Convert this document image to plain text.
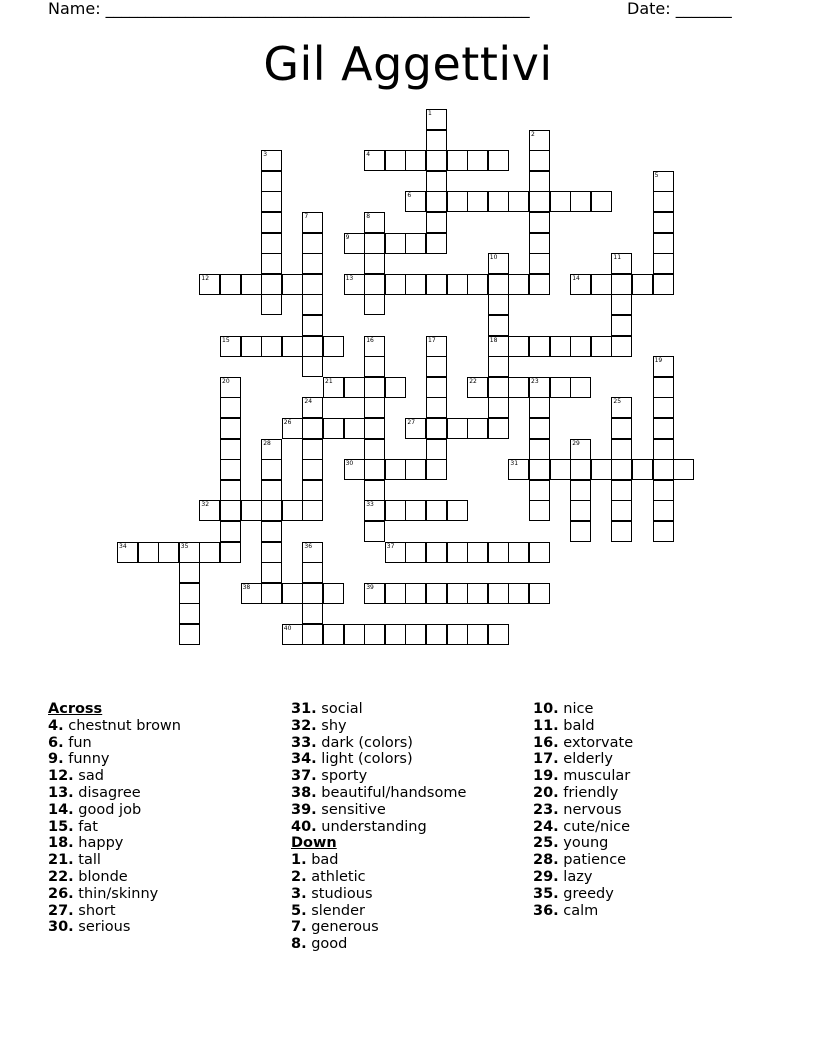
Name: _____________________________________________________	Date: _______
Gil Aggettivi
1
2
3	4
5
6
7	8
9
10
18
11
12	13	14
15	16
33
17
19
20	21	22	23
24	25
26	27
28	29
30	31
32
34	35	36	37
38	39
40
Across
4. chestnut brown
6. fun
9. funny
12. sad
13. disagree
14. good job
15. fat
18. happy
21. tall
22. blonde
26. thin/skinny
27. short
30. serious
31. social
32. shy
33. dark (colors)
34. light (colors)
37. sporty
38. beautiful/handsome
39. sensitive
40. understanding
Down
1. bad
2. athletic
3. studious
5. slender
7. generous
8. good
10. nice
11. bald
16. extorvate
17. elderly
19. muscular
20. friendly
23. nervous
24. cute/nice
25. young
28. patience
29. lazy
35. greedy
36. calm
